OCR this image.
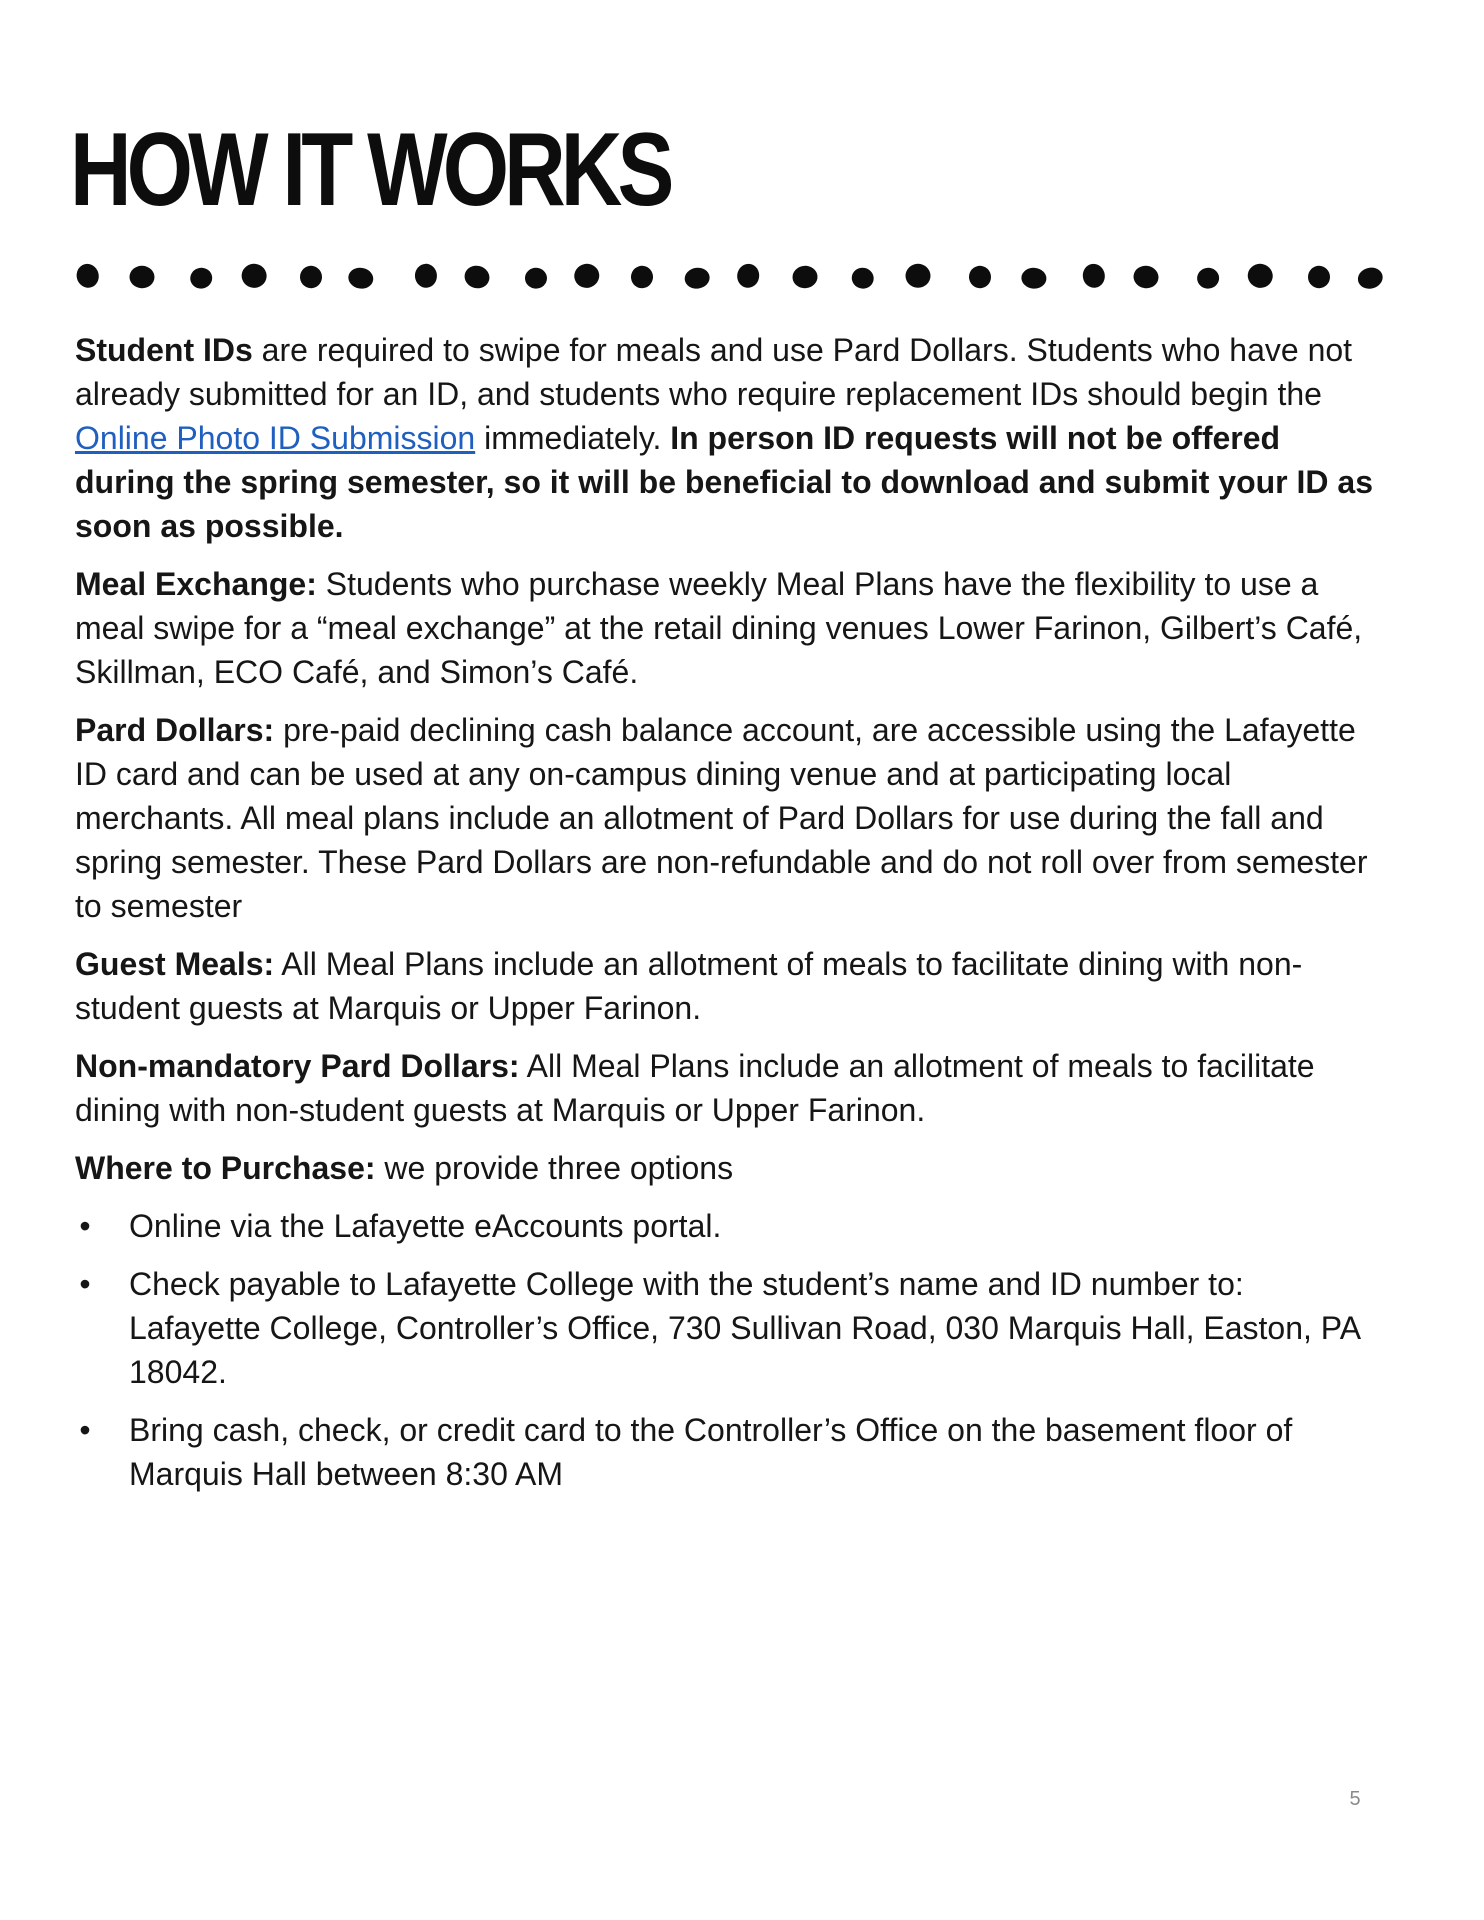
HOW IT WORKS

Student IDs are required to swipe for meals and use Pard Dollars. Students who have not already submitted for an ID, and students who require replacement IDs should begin the Online Photo ID Submission immediately. In person ID requests will not be offered during the spring semester, so it will be beneficial to download and submit your ID as soon as possible.

Meal Exchange: Students who purchase weekly Meal Plans have the flexibility to use a meal swipe for a “meal exchange” at the retail dining venues Lower Farinon, Gilbert’s Café, Skillman, ECO Café, and Simon’s Café.

Pard Dollars: pre-paid declining cash balance account, are accessible using the Lafayette ID card and can be used at any on-campus dining venue and at participating local merchants. All meal plans include an allotment of Pard Dollars for use during the fall and spring semester. These Pard Dollars are non-refundable and do not roll over from semester to semester

Guest Meals: All Meal Plans include an allotment of meals to facilitate dining with non-student guests at Marquis or Upper Farinon.

Non-mandatory Pard Dollars: All Meal Plans include an allotment of meals to facilitate dining with non-student guests at Marquis or Upper Farinon.

Where to Purchase: we provide three options

• Online via the Lafayette eAccounts portal.
• Check payable to Lafayette College with the student’s name and ID number to: Lafayette College, Controller’s Office, 730 Sullivan Road, 030 Marquis Hall, Easton, PA 18042.
• Bring cash, check, or credit card to the Controller’s Office on the basement floor of Marquis Hall between 8:30 AM
5
